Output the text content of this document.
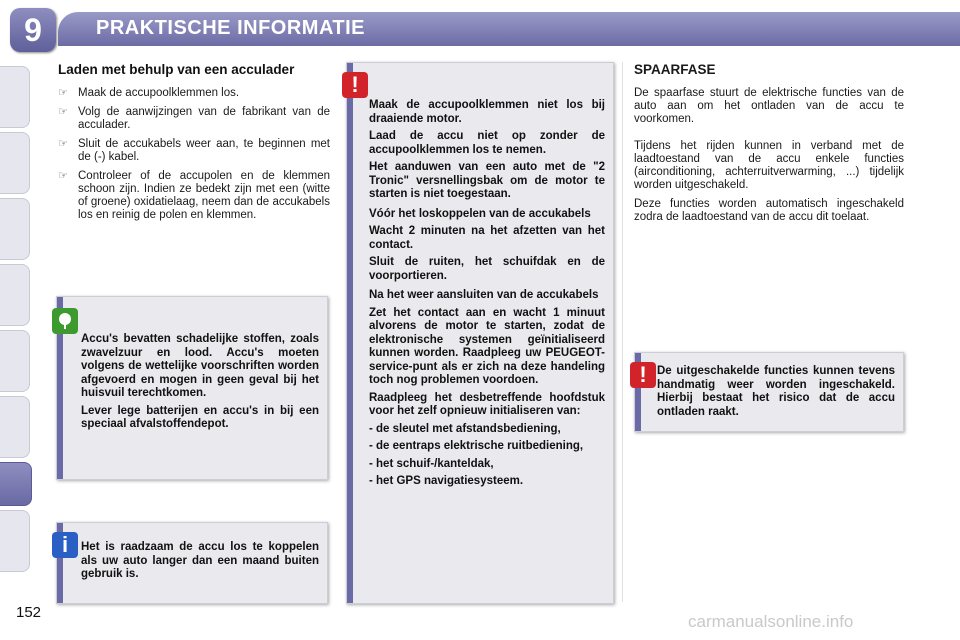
9	PRAKTISCHE INFORMATIE
Laden met behulp van een acculader
☞ Maak de accupoolklemmen los.
☞ Volg de aanwijzingen van de fabrikant van de acculader.
☞ Sluit de accukabels weer aan, te beginnen met de (-) kabel.
☞ Controleer of de accupolen en de klemmen schoon zijn. Indien ze bedekt zijn met een (witte of groene) oxidatielaag, neem dan de accukabels los en reinig de polen en klemmen.

Accu's bevatten schadelijke stoffen, zoals zwavelzuur en lood. Accu's moeten volgens de wettelijke voorschriften worden afgevoerd en mogen in geen geval bij het huisvuil terechtkomen.

Lever lege batterijen en accu's in bij een speciaal afvalstoffendepot.

Het is raadzaam de accu los te koppelen als uw auto langer dan een maand buiten gebruik is.

i

Maak de accupoolklemmen niet los bij draaiende motor.

Laad de accu niet op zonder de accupoolklemmen los te nemen.

Het aanduwen van een auto met de "2 Tronic" versnellingsbak om de motor te starten is niet toegestaan.

Vóór het loskoppelen van de accukabels

Wacht 2 minuten na het afzetten van het contact.

Sluit de ruiten, het schuifdak en de voorportieren.

Na het weer aansluiten van de accukabels

Zet het contact aan en wacht 1 minuut alvorens de motor te starten, zodat de elektronische systemen geïnitialiseerd kunnen worden. Raadpleeg uw PEUGEOT-service-punt als er zich na deze handeling toch nog problemen voordoen.

Raadpleeg het desbetreffende hoofdstuk voor het zelf opnieuw initialiseren van:

- de sleutel met afstandsbediening,

- de eentraps elektrische ruitbediening,

- het schuif-/kanteldak,

- het GPS navigatiesysteem.

!
SPAARFASE

De spaarfase stuurt de elektrische functies van de auto aan om het ontladen van de accu te voorkomen.

Tijdens het rijden kunnen in verband met de laadtoestand van de accu enkele functies (airconditioning, achterruitverwarming, ...) tijdelijk worden uitgeschakeld.

Deze functies worden automatisch ingeschakeld zodra de laadtoestand van de accu dit toelaat.

De uitgeschakelde functies kunnen tevens handmatig weer worden ingeschakeld. Hierbij bestaat het risico dat de accu ontladen raakt.

!
152	carmanualsonline.info
